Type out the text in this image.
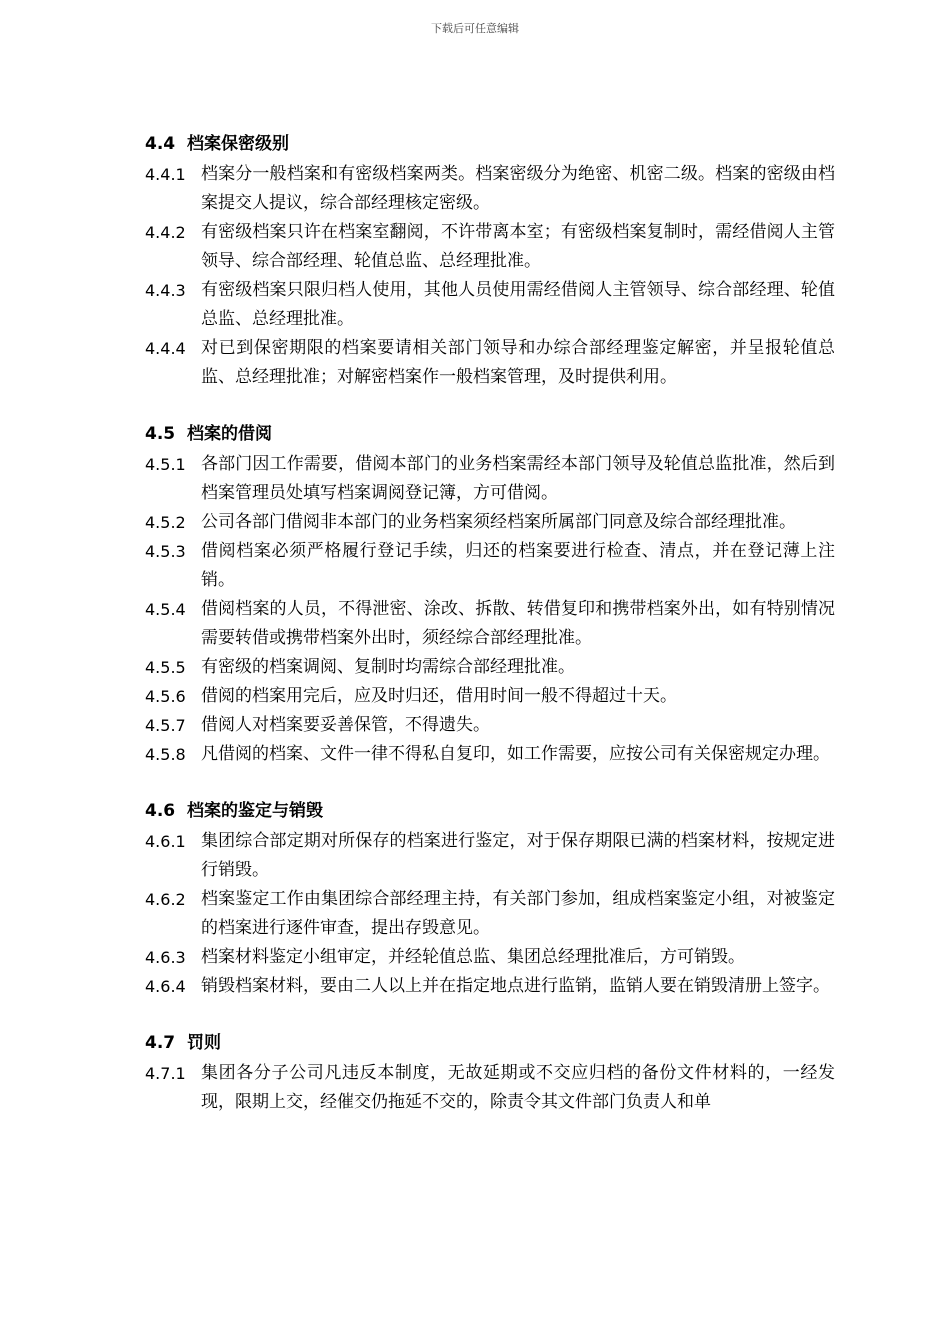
下载后可任意编辑
4.4 档案保密级别
4.4.1 档案分一般档案和有密级档案两类。档案密级分为绝密、机密二级。档案的密级由档案提交人提议，综合部经理核定密级。
4.4.2 有密级档案只许在档案室翻阅，不许带离本室；有密级档案复制时，需经借阅人主管领导、综合部经理、轮值总监、总经理批准。
4.4.3 有密级档案只限归档人使用，其他人员使用需经借阅人主管领导、综合部经理、轮值总监、总经理批准。
4.4.4 对已到保密期限的档案要请相关部门领导和办综合部经理鉴定解密，并呈报轮值总监、总经理批准；对解密档案作一般档案管理，及时提供利用。
4.5 档案的借阅
4.5.1 各部门因工作需要，借阅本部门的业务档案需经本部门领导及轮值总监批准，然后到档案管理员处填写档案调阅登记簿，方可借阅。
4.5.2 公司各部门借阅非本部门的业务档案须经档案所属部门同意及综合部经理批准。
4.5.3 借阅档案必须严格履行登记手续，归还的档案要进行检查、清点，并在登记薄上注销。
4.5.4 借阅档案的人员，不得泄密、涂改、拆散、转借复印和携带档案外出，如有特别情况需要转借或携带档案外出时，须经综合部经理批准。
4.5.5 有密级的档案调阅、复制时均需综合部经理批准。
4.5.6 借阅的档案用完后，应及时归还，借用时间一般不得超过十天。
4.5.7 借阅人对档案要妥善保管，不得遗失。
4.5.8 凡借阅的档案、文件一律不得私自复印，如工作需要，应按公司有关保密规定办理。
4.6 档案的鉴定与销毁
4.6.1 集团综合部定期对所保存的档案进行鉴定，对于保存期限已满的档案材料，按规定进行销毁。
4.6.2 档案鉴定工作由集团综合部经理主持，有关部门参加，组成档案鉴定小组，对被鉴定的档案进行逐件审查，提出存毁意见。
4.6.3 档案材料鉴定小组审定，并经轮值总监、集团总经理批准后，方可销毁。
4.6.4 销毁档案材料，要由二人以上并在指定地点进行监销，监销人要在销毁清册上签字。
4.7 罚则
4.7.1 集团各分子公司凡违反本制度，无故延期或不交应归档的备份文件材料的，一经发现，限期上交，经催交仍拖延不交的，除责令其文件部门负责人和单
